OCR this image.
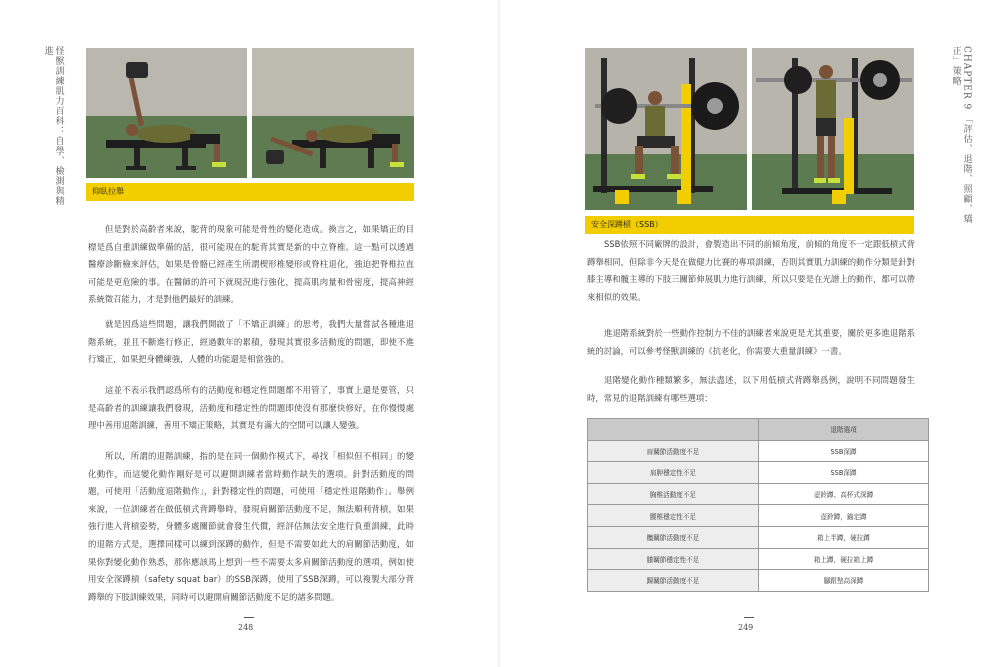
怪獸訓練肌力百科：自學、檢測與精進
仰臥拉舉

但是對於高齡者來說，駝背的現象可能是骨性的變化造成。換言之，如果矯正的目標是爲自重訓練做準備的話，很可能現在的駝背其實是新的中立脊椎。這一點可以透過醫療診斷檢來評估，如果是骨骼已經產生所謂楔形椎變形或脊柱退化，強迫把脊椎拉直可能是更危險的事。在醫師的許可下就現況進行強化，提高肌肉量和骨密度，提高神經系統徵召能力，才是對他們最好的訓練。

就是因爲這些問題，讓我們開啟了「不矯正訓練」的思考，我們大量嘗試各種進退階系統，並且不斷進行修正，經過數年的累積，發現其實很多活動度的問題，即使不進行矯正，如果把身體練強，人體的功能還是相當強的。

這並不表示我們認爲所有的活動度和穩定性問題都不用管了，事實上還是要管，只是高齡者的訓練讓我們發現，活動度和穩定性的問題即使沒有那麼快修好，在你慢慢處理中善用退階訓練，善用不矯正策略，其實是有滿大的空間可以讓人變強。

所以，所謂的退階訓練，指的是在同一個動作模式下，尋找「相似但不相同」的變化動作，而這變化動作剛好是可以避開訓練者當時動作缺失的選項。針對活動度的問題，可使用「活動度退階動作」，針對穩定性的問題，可使用「穩定性退階動作」。舉例來說，一位訓練者在做低槓式背蹲舉時，發現肩關節活動度不足，無法順利背槓，如果強行進入背槓姿勢，身體多處關節就會發生代償，經評估無法安全進行負重訓練，此時的退階方式是，選擇同樣可以練到深蹲的動作，但是不需要如此大的肩關節活動度，如果你對變化動作熟悉，那你應該馬上想到一些不需要太多肩關節活動度的選項，例如使用安全深蹲槓（safety squat bar）的SSB深蹲，使用了SSB深蹲，可以複製大部分背蹲舉的下肢訓練效果，同時可以避開肩關節活動度不足的諸多問題。

248
CHAPTER 9 「評估、退階、照顧、矯正」策略
安全深蹲槓（SSB）

SSB依照不同廠牌的設計，會製造出不同的前傾角度，前傾的角度不一定跟低槓式背蹲舉相同，但除非今天是在做健力比賽的專項訓練，否則其實肌力訓練的動作分類是針對膝主導和髖主導的下肢三關節伸展肌力進行訓練，所以只要是在光譜上的動作，都可以帶來相似的效果。

進退階系統對於一些動作控制力不佳的訓練者來說更是尤其重要，關於更多進退階系統的討論，可以參考怪獸訓練的《抗老化，你需要大重量訓練》一書。

退階變化動作種類繁多，無法盡述，以下用低槓式背蹲舉爲例，說明不同問題發生時，常見的退階訓練有哪些選項：

	退階選項
肩關節活動度不足	SSB深蹲
肩胛穩定性不足	SSB深蹲
胸椎活動度不足	壺鈴蹲、高杯式深蹲
腰椎穩定性不足	壺鈴蹲，錨定蹲
髖關節活動度不足	箱上半蹲，硬拉蹲
膝關節穩定性不足	箱上蹲，硬拉箱上蹲
踝關節活動度不足	腳跟墊高深蹲
249
